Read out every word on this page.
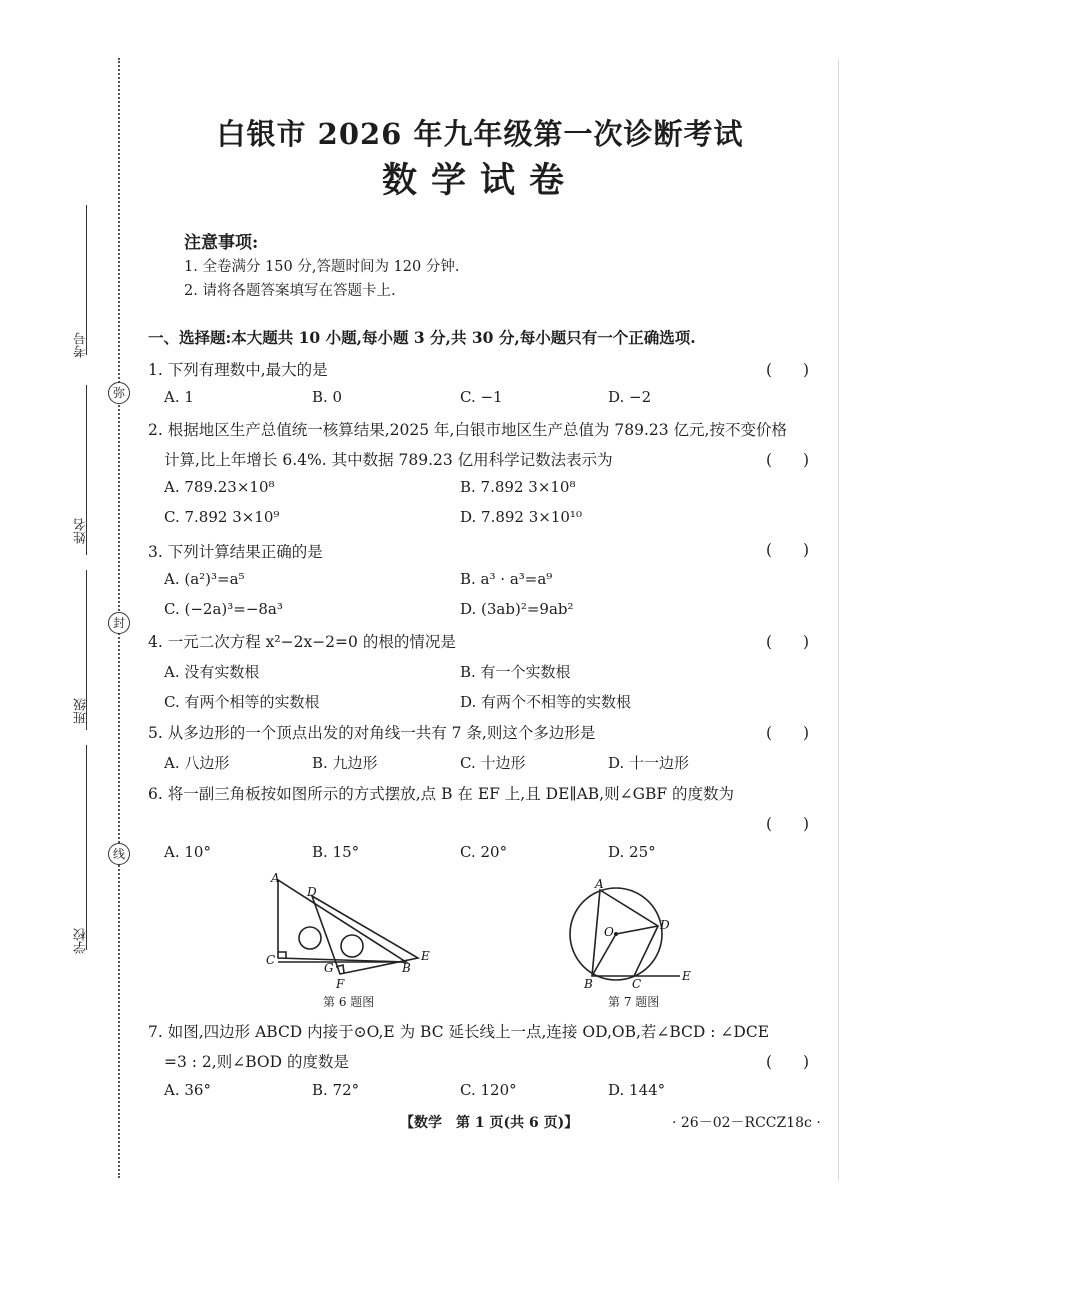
考号
姓名
班级
学校
弥
封
线
白银市 2026 年九年级第一次诊断考试
数学试卷
注意事项:
1. 全卷满分 150 分,答题时间为 120 分钟.
2. 请将各题答案填写在答题卡上.
一、选择题:本大题共 10 小题,每小题 3 分,共 30 分,每小题只有一个正确选项.
1. 下列有理数中,最大的是	(　　)
A. 1	B. 0	C. −1	D. −2
2. 根据地区生产总值统一核算结果,2025 年,白银市地区生产总值为 789.23 亿元,按不变价格
计算,比上年增长 6.4%. 其中数据 789.23 亿用科学记数法表示为	(　　)
A. 789.23×10⁸	B. 7.892 3×10⁸
C. 7.892 3×10⁹	D. 7.892 3×10¹⁰
3. 下列计算结果正确的是	(　　)
A. (a²)³=a⁵	B. a³ · a³=a⁹
C. (−2a)³=−8a³	D. (3ab)²=9ab²
4. 一元二次方程 x²−2x−2=0 的根的情况是	(　　)
A. 没有实数根	B. 有一个实数根
C. 有两个相等的实数根	D. 有两个不相等的实数根
5. 从多边形的一个顶点出发的对角线一共有 7 条,则这个多边形是	(　　)
A. 八边形	B. 九边形	C. 十边形	D. 十一边形
6. 将一副三角板按如图所示的方式摆放,点 B 在 EF 上,且 DE∥AB,则∠GBF 的度数为
(　　)
A. 10°	B. 15°	C. 20°	D. 25°
A
D
C
G	B
E
F
第 6 题图
A
O	D
B	C
E
第 7 题图
7. 如图,四边形 ABCD 内接于⊙O,E 为 BC 延长线上一点,连接 OD,OB,若∠BCD : ∠DCE
=3 : 2,则∠BOD 的度数是	(　　)
A. 36°	B. 72°	C. 120°	D. 144°
【数学　第 1 页(共 6 页)】	· 26－02－RCCZ18c ·
